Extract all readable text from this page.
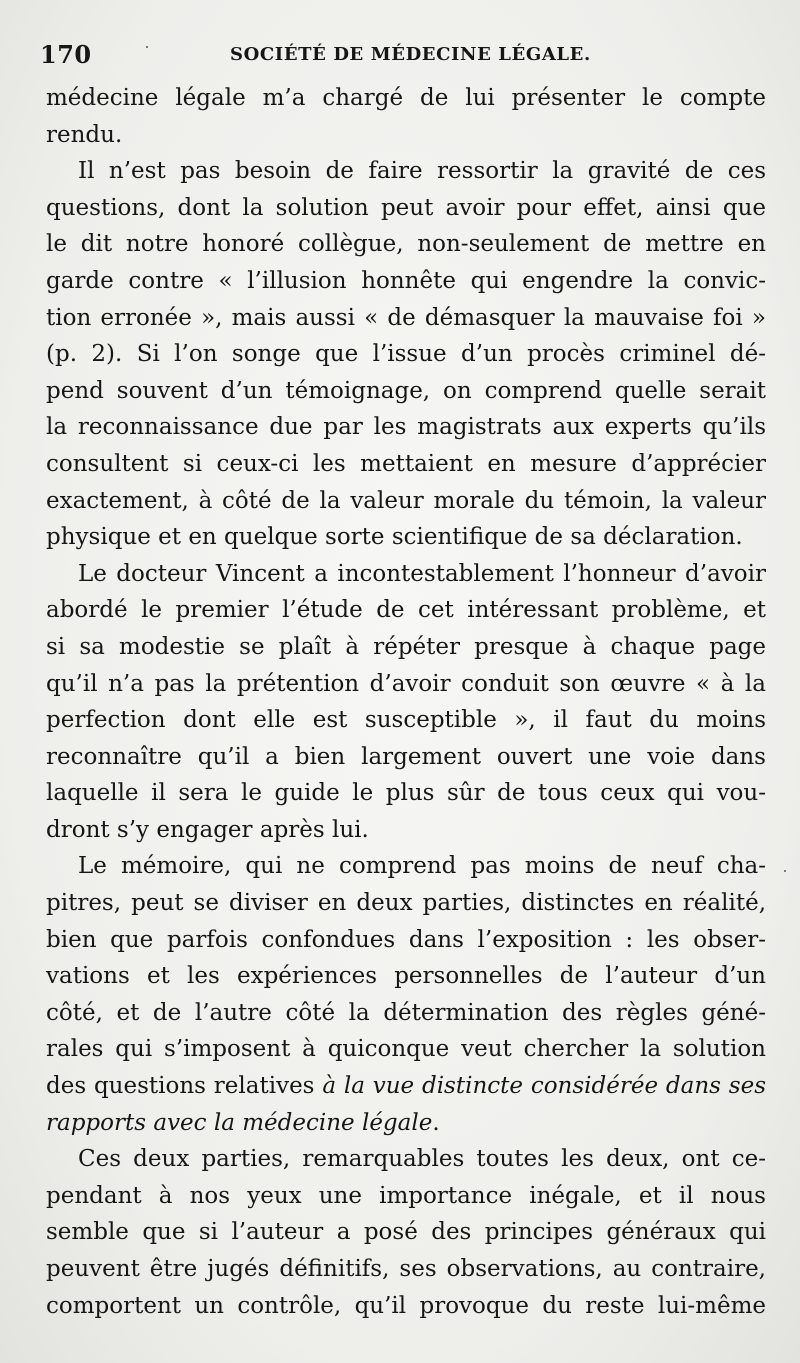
170	SOCIÉTÉ DE MÉDECINE LÉGALE.
médecine légale m’a chargé de lui présenter le compte
rendu.
Il n’est pas besoin de faire ressortir la gravité de ces
questions, dont la solution peut avoir pour effet, ainsi que
le dit notre honoré collègue, non-seulement de mettre en
garde contre « l’illusion honnête qui engendre la convic-
tion erronée », mais aussi « de démasquer la mauvaise foi »
(p. 2). Si l’on songe que l’issue d’un procès criminel dé-
pend souvent d’un témoignage, on comprend quelle serait
la reconnaissance due par les magistrats aux experts qu’ils
consultent si ceux-ci les mettaient en mesure d’apprécier
exactement, à côté de la valeur morale du témoin, la valeur
physique et en quelque sorte scientifique de sa déclaration.
Le docteur Vincent a incontestablement l’honneur d’avoir
abordé le premier l’étude de cet intéressant problème, et
si sa modestie se plaît à répéter presque à chaque page
qu’il n’a pas la prétention d’avoir conduit son œuvre « à la
perfection dont elle est susceptible », il faut du moins
reconnaître qu’il a bien largement ouvert une voie dans
laquelle il sera le guide le plus sûr de tous ceux qui vou-
dront s’y engager après lui.
Le mémoire, qui ne comprend pas moins de neuf cha-
pitres, peut se diviser en deux parties, distinctes en réalité,
bien que parfois confondues dans l’exposition : les obser-
vations et les expériences personnelles de l’auteur d’un
côté, et de l’autre côté la détermination des règles géné-
rales qui s’imposent à quiconque veut chercher la solution
des questions relatives à la vue distincte considérée dans ses
rapports avec la médecine légale.
Ces deux parties, remarquables toutes les deux, ont ce-
pendant à nos yeux une importance inégale, et il nous
semble que si l’auteur a posé des principes généraux qui
peuvent être jugés définitifs, ses observations, au contraire,
comportent un contrôle, qu’il provoque du reste lui-même
